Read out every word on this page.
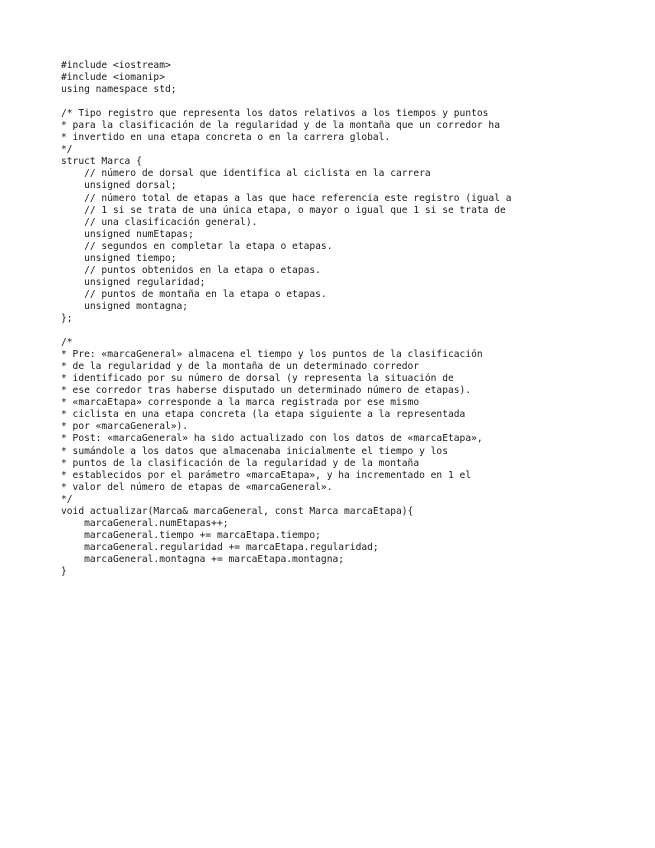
#include <iostream>
#include <iomanip>
using namespace std;
/* Tipo registro que representa los datos relativos a los tiempos y puntos
* para la clasificación de la regularidad y de la montaña que un corredor ha
* invertido en una etapa concreta o en la carrera global.
*/
struct Marca {
// número de dorsal que identifica al ciclista en la carrera
unsigned dorsal;
// número total de etapas a las que hace referencia este registro (igual a
// 1 si se trata de una única etapa, o mayor o igual que 1 si se trata de
// una clasificación general).
unsigned numEtapas;
// segundos en completar la etapa o etapas.
unsigned tiempo;
// puntos obtenidos en la etapa o etapas.
unsigned regularidad;
// puntos de montaña en la etapa o etapas.
unsigned montagna;
};
/*
* Pre: «marcaGeneral» almacena el tiempo y los puntos de la clasificación
* de la regularidad y de la montaña de un determinado corredor
* identificado por su número de dorsal (y representa la situación de
* ese corredor tras haberse disputado un determinado número de etapas).
* «marcaEtapa» corresponde a la marca registrada por ese mismo
* ciclista en una etapa concreta (la etapa siguiente a la representada
* por «marcaGeneral»).
* Post: «marcaGeneral» ha sido actualizado con los datos de «marcaEtapa»,
* sumándole a los datos que almacenaba inicialmente el tiempo y los
* puntos de la clasificación de la regularidad y de la montaña
* establecidos por el parámetro «marcaEtapa», y ha incrementado en 1 el
* valor del número de etapas de «marcaGeneral».
*/
void actualizar(Marca& marcaGeneral, const Marca marcaEtapa){
marcaGeneral.numEtapas++;
marcaGeneral.tiempo += marcaEtapa.tiempo;
marcaGeneral.regularidad += marcaEtapa.regularidad;
marcaGeneral.montagna += marcaEtapa.montagna;
}
